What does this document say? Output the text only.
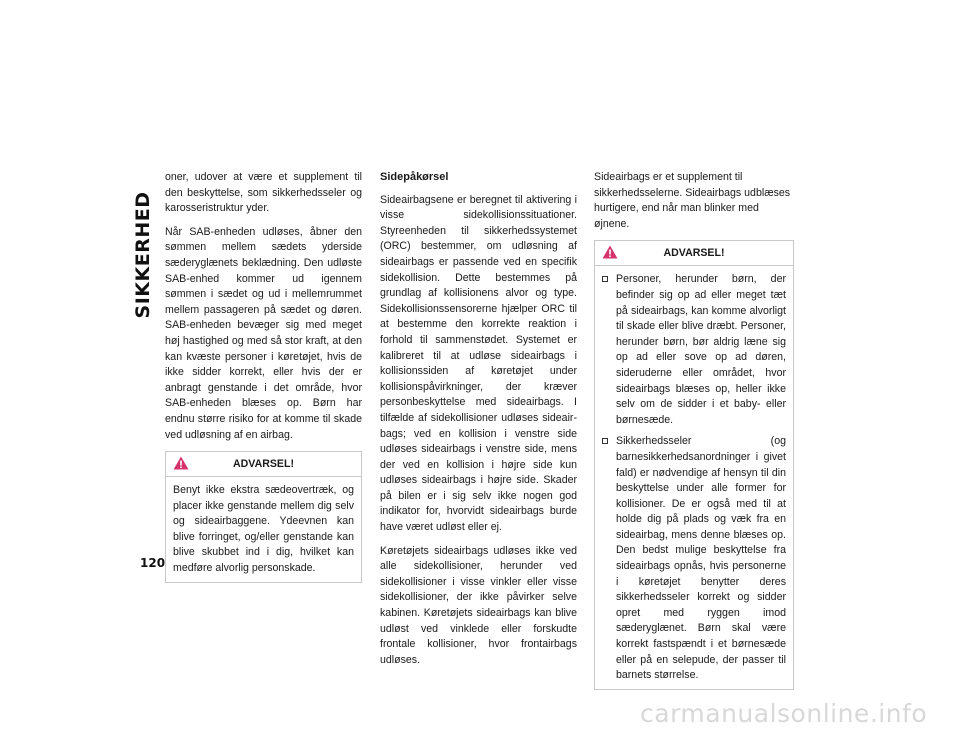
SIKKERHED
120

oner, udover at være et supplement til den beskyttelse, som sikkerhedsseler og karosseristruktur yder.

Når SAB-enheden udløses, åbner den sømmen mellem sædets yderside sæderyglænets beklædning. Den udløste SAB-enhed kommer ud igennem sømmen i sædet og ud i mellemrummet mellem passageren på sædet og døren. SAB-enheden bevæger sig med meget høj hastighed og med så stor kraft, at den kan kvæste personer i køretøjet, hvis de ikke sidder korrekt, eller hvis der er anbragt genstande i det område, hvor SAB-enheden blæses op. Børn har endnu større risiko for at komme til skade ved udløsning af en airbag.

ADVARSEL!

Benyt ikke ekstra sædeovertræk, og placer ikke genstande mellem dig selv og sideairbaggene. Ydeevnen kan blive forringet, og/eller genstande kan blive skubbet ind i dig, hvilket kan medføre alvorlig personskade.

Sidepåkørsel

Sideairbagsene er beregnet til aktivering i visse sidekollisionssituationer. Styreenheden til sikkerhedssystemet (ORC) bestemmer, om udløsning af sideairbags er passende ved en specifik sidekollision. Dette bestemmes på grundlag af kollisionens alvor og type. Sidekollisionssensorerne hjælper ORC til at bestemme den korrekte reaktion i forhold til sammenstødet. Systemet er kalibreret til at udløse sideairbags i kollisionssiden af køretøjet under kollisionspåvirkninger, der kræver personbeskyttelse med sideairbags. I tilfælde af sidekollisioner udløses sideairbags; ved en kollision i venstre side udløses sideairbags i venstre side, mens der ved en kollision i højre side kun udløses sideairbags i højre side. Skader på bilen er i sig selv ikke nogen god indikator for, hvorvidt sideairbags burde have været udløst eller ej.

Køretøjets sideairbags udløses ikke ved alle sidekollisioner, herunder ved sidekollisioner i visse vinkler eller visse sidekollisioner, der ikke påvirker selve kabinen. Køretøjets sideairbags kan blive udløst ved vinklede eller forskudte frontale kollisioner, hvor frontairbags udløses.

Sideairbags er et supplement til sikkerhedsselerne. Sideairbags udblæses hurtigere, end når man blinker med øjnene.

ADVARSEL!
Personer, herunder børn, der befinder sig op ad eller meget tæt på sideairbags, kan komme alvorligt til skade eller blive dræbt. Personer, herunder børn, bør aldrig læne sig op ad eller sove op ad døren, sideruderne eller området, hvor sideairbags blæses op, heller ikke selv om de sidder i et baby- eller børnesæde.
Sikkerhedsseler (og barnesikkerhedsanordninger i givet fald) er nødvendige af hensyn til din beskyttelse under alle former for kollisioner. De er også med til at holde dig på plads og væk fra en sideairbag, mens denne blæses op. Den bedst mulige beskyttelse fra sideairbags opnås, hvis personerne i køretøjet benytter deres sikkerhedsseler korrekt og sidder opret med ryggen imod sæderyglænet. Børn skal være korrekt fastspændt i et børnesæde eller på en selepude, der passer til barnets størrelse.
carmanualsonline.info
